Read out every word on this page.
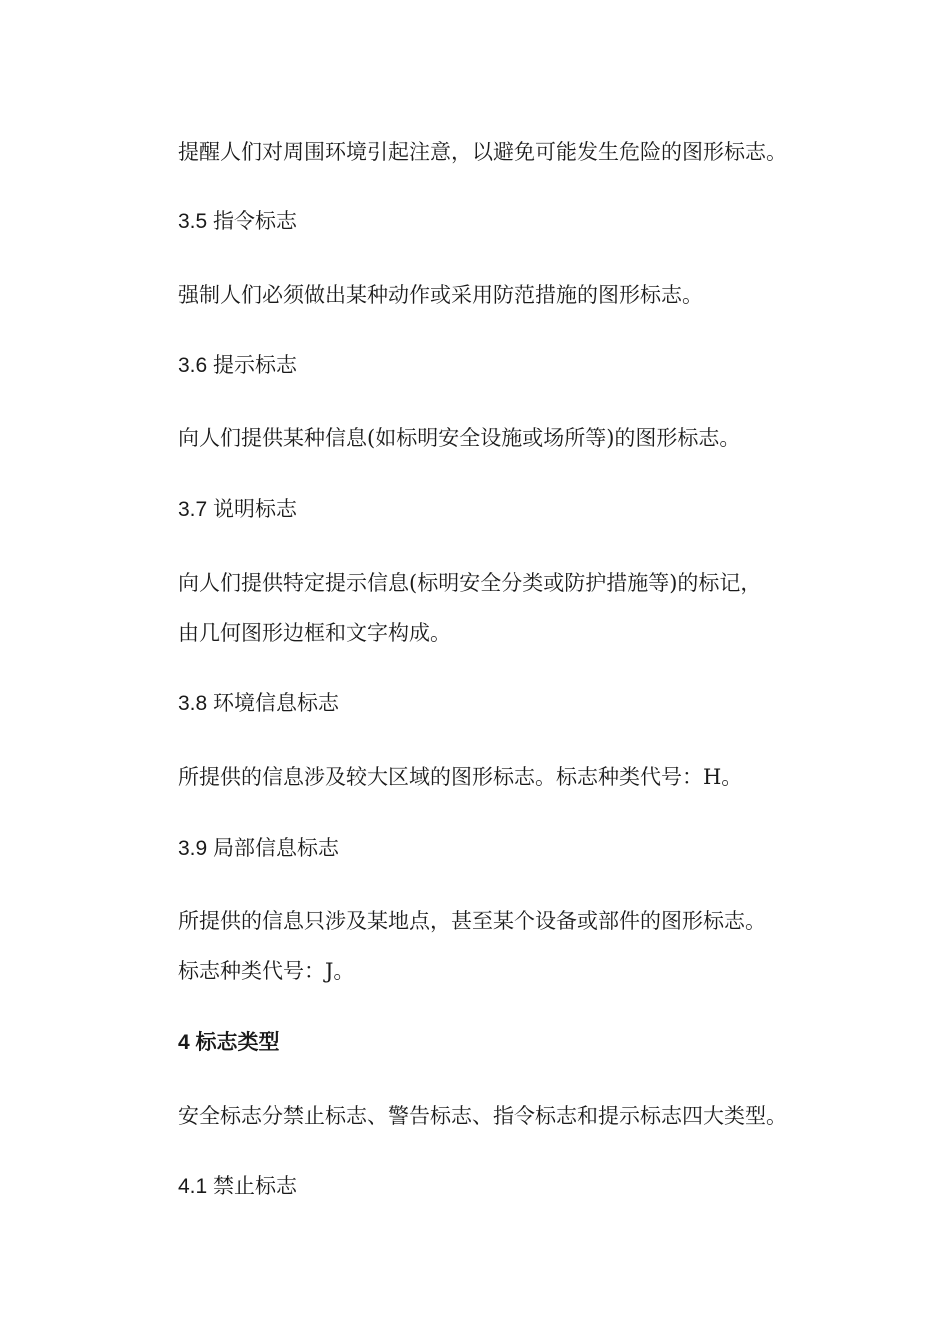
提醒人们对周围环境引起注意，以避免可能发生危险的图形标志。
3.5 指令标志
强制人们必须做出某种动作或采用防范措施的图形标志。
3.6 提示标志
向人们提供某种信息(如标明安全设施或场所等)的图形标志。
3.7 说明标志
向人们提供特定提示信息(标明安全分类或防护措施等)的标记，
由几何图形边框和文字构成。
3.8 环境信息标志
所提供的信息涉及较大区域的图形标志。标志种类代号：H。
3.9 局部信息标志
所提供的信息只涉及某地点，甚至某个设备或部件的图形标志。
标志种类代号：J。
4 标志类型
安全标志分禁止标志、警告标志、指令标志和提示标志四大类型。
4.1 禁止标志
